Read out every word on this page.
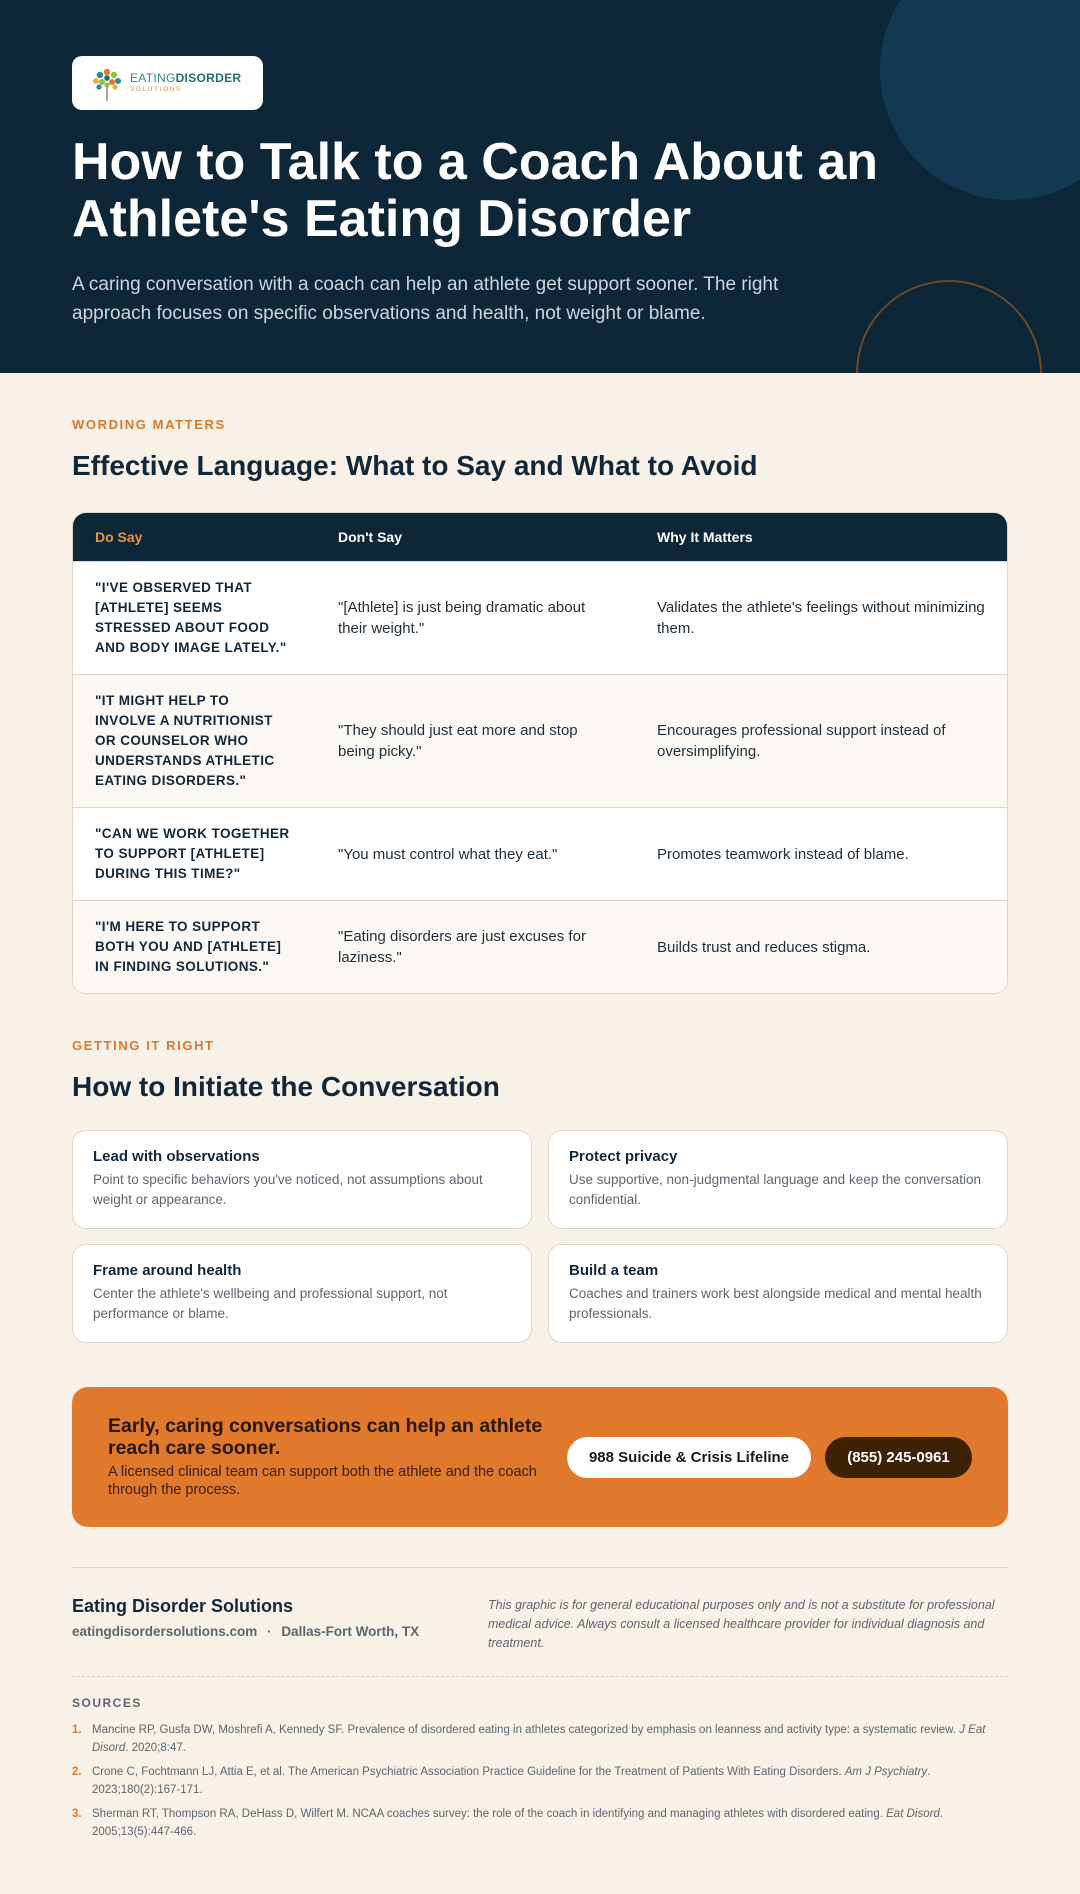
EATINGDISORDER
SOLUTIONS
How to Talk to a Coach About an Athlete's Eating Disorder

A caring conversation with a coach can help an athlete get support sooner. The right approach focuses on specific observations and health, not weight or blame.

WORDING MATTERS
Effective Language: What to Say and What to Avoid
Do Say	Don't Say	Why It Matters
"I'VE OBSERVED THAT [ATHLETE] SEEMS STRESSED ABOUT FOOD AND BODY IMAGE LATELY."	"[Athlete] is just being dramatic about their weight."	Validates the athlete's feelings without minimizing them.
"IT MIGHT HELP TO INVOLVE A NUTRITIONIST OR COUNSELOR WHO UNDERSTANDS ATHLETIC EATING DISORDERS."	"They should just eat more and stop being picky."	Encourages professional support instead of oversimplifying.
"CAN WE WORK TOGETHER TO SUPPORT [ATHLETE] DURING THIS TIME?"	"You must control what they eat."	Promotes teamwork instead of blame.
"I'M HERE TO SUPPORT BOTH YOU AND [ATHLETE] IN FINDING SOLUTIONS."	"Eating disorders are just excuses for laziness."	Builds trust and reduces stigma.
GETTING IT RIGHT
How to Initiate the Conversation
Lead with observations
Point to specific behaviors you've noticed, not assumptions about weight or appearance.
Protect privacy
Use supportive, non-judgmental language and keep the conversation confidential.
Frame around health
Center the athlete's wellbeing and professional support, not performance or blame.
Build a team
Coaches and trainers work best alongside medical and mental health professionals.
Early, caring conversations can help an athlete reach care sooner.
A licensed clinical team can support both the athlete and the coach through the process.
988 Suicide & Crisis Lifeline	(855) 245-0961
Eating Disorder Solutions
eatingdisordersolutions.com · Dallas-Fort Worth, TX
This graphic is for general educational purposes only and is not a substitute for professional medical advice. Always consult a licensed healthcare provider for individual diagnosis and treatment.
SOURCES
1. Mancine RP, Gusfa DW, Moshrefi A, Kennedy SF. Prevalence of disordered eating in athletes categorized by emphasis on leanness and activity type: a systematic review. J Eat Disord. 2020;8:47.
2. Crone C, Fochtmann LJ, Attia E, et al. The American Psychiatric Association Practice Guideline for the Treatment of Patients With Eating Disorders. Am J Psychiatry. 2023;180(2):167-171.
3. Sherman RT, Thompson RA, DeHass D, Wilfert M. NCAA coaches survey: the role of the coach in identifying and managing athletes with disordered eating. Eat Disord. 2005;13(5):447-466.
